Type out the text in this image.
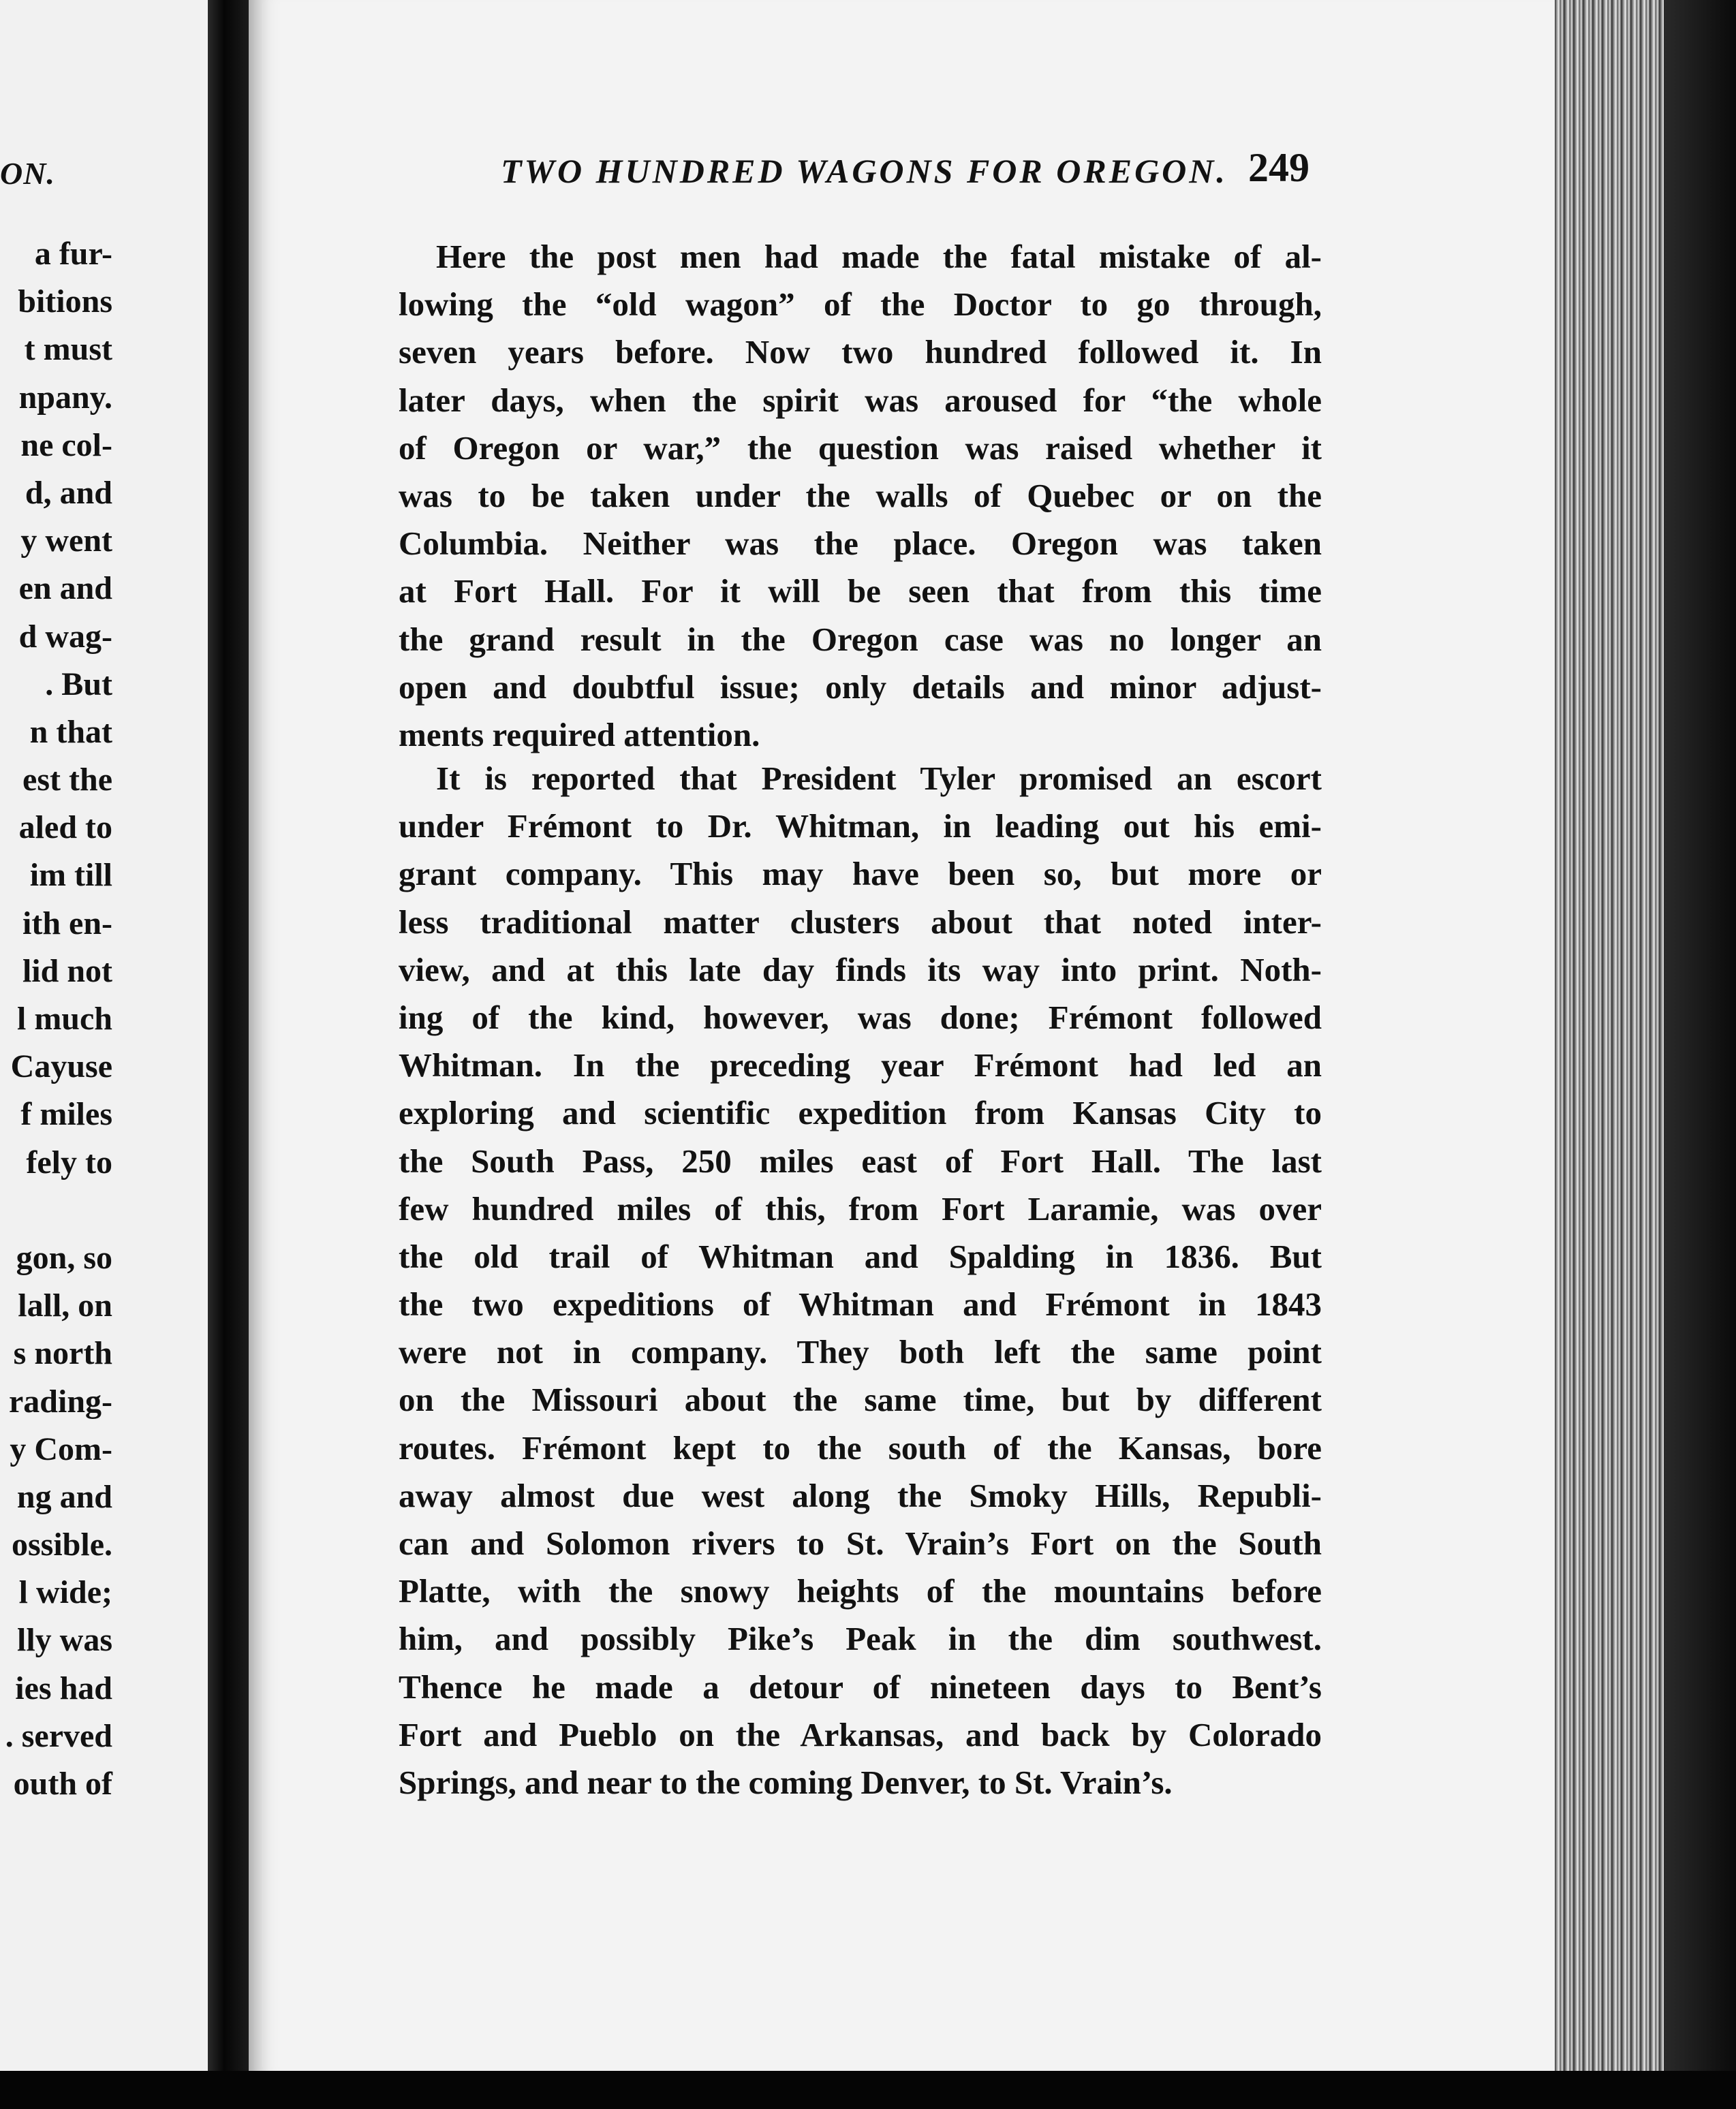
ON.
a fur-
bitions
t must
npany.
ne col-
d, and
y went
en and
d wag-
. But
n that
est the
aled to
im till
ith en-
lid not
l much
Cayuse
f miles
fely to
gon, so
lall, on
s north
rading-
y Com-
ng and
ossible.
l wide;
lly was
ies had
. served
outh of
TWO HUNDRED WAGONS FOR OREGON. 249
Here the post men had made the fatal mistake of al-
lowing the “old wagon” of the Doctor to go through,
seven years before. Now two hundred followed it. In
later days, when the spirit was aroused for “the whole
of Oregon or war,” the question was raised whether it
was to be taken under the walls of Quebec or on the
Columbia. Neither was the place. Oregon was taken
at Fort Hall. For it will be seen that from this time
the grand result in the Oregon case was no longer an
open and doubtful issue; only details and minor adjust-
ments required attention.
It is reported that President Tyler promised an escort
under Frémont to Dr. Whitman, in leading out his emi-
grant company. This may have been so, but more or
less traditional matter clusters about that noted inter-
view, and at this late day finds its way into print. Noth-
ing of the kind, however, was done; Frémont followed
Whitman. In the preceding year Frémont had led an
exploring and scientific expedition from Kansas City to
the South Pass, 250 miles east of Fort Hall. The last
few hundred miles of this, from Fort Laramie, was over
the old trail of Whitman and Spalding in 1836. But
the two expeditions of Whitman and Frémont in 1843
were not in company. They both left the same point
on the Missouri about the same time, but by different
routes. Frémont kept to the south of the Kansas, bore
away almost due west along the Smoky Hills, Republi-
can and Solomon rivers to St. Vrain’s Fort on the South
Platte, with the snowy heights of the mountains before
him, and possibly Pike’s Peak in the dim southwest.
Thence he made a detour of nineteen days to Bent’s
Fort and Pueblo on the Arkansas, and back by Colorado
Springs, and near to the coming Denver, to St. Vrain’s.
